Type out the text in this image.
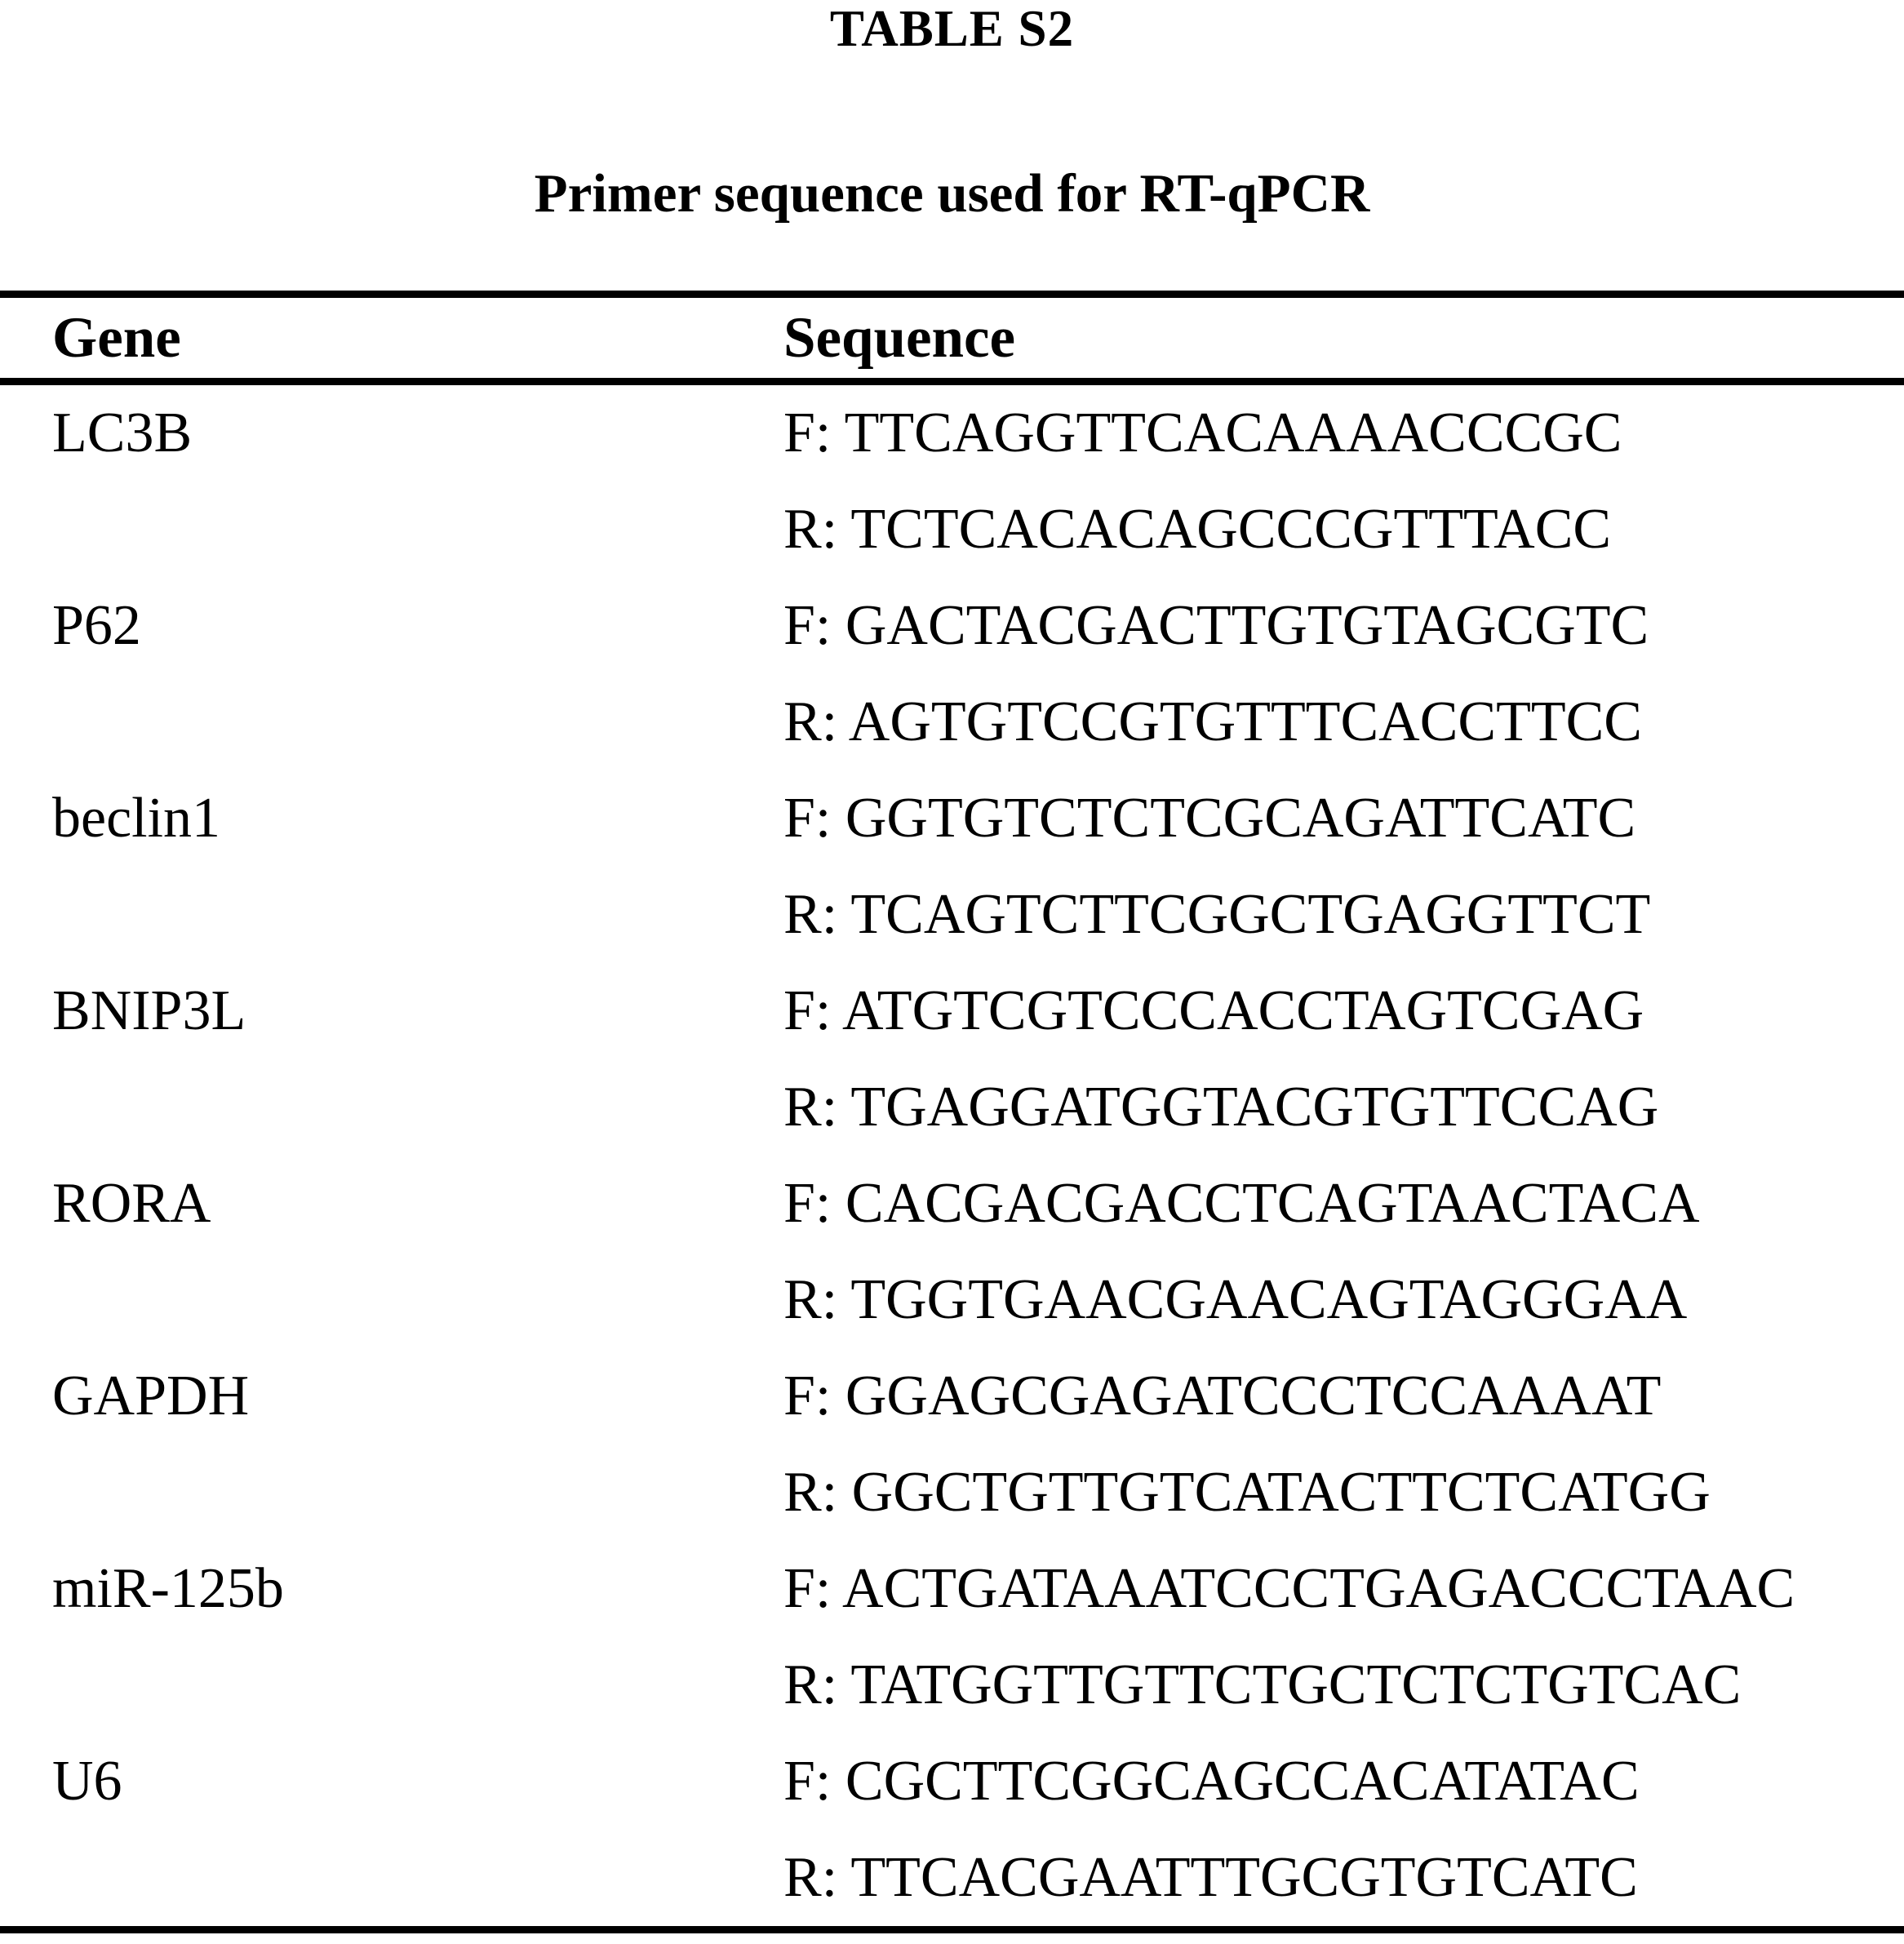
TABLE S2
Primer sequence used for RT-qPCR
Gene	Sequence
LC3B	F: TTCAGGTTCACAAAACCCGC
R: TCTCACACAGCCCGTTTACC
P62	F: GACTACGACTTGTGTAGCGTC
R: AGTGTCCGTGTTTCACCTTCC
beclin1	F: GGTGTCTCTCGCAGATTCATC
R: TCAGTCTTCGGCTGAGGTTCT
BNIP3L	F: ATGTCGTCCCACCTAGTCGAG
R: TGAGGATGGTACGTGTTCCAG
RORA	F: CACGACGACCTCAGTAACTACA
R: TGGTGAACGAACAGTAGGGAA
GAPDH	F: GGAGCGAGATCCCTCCAAAAT
R: GGCTGTTGTCATACTTCTCATGG
miR-125b	F: ACTGATAAATCCCTGAGACCCTAAC
R: TATGGTTGTTCTGCTCTCTGTCAC
U6	F: CGCTTCGGCAGCCACATATAC
R: TTCACGAATTTGCGTGTCATC
